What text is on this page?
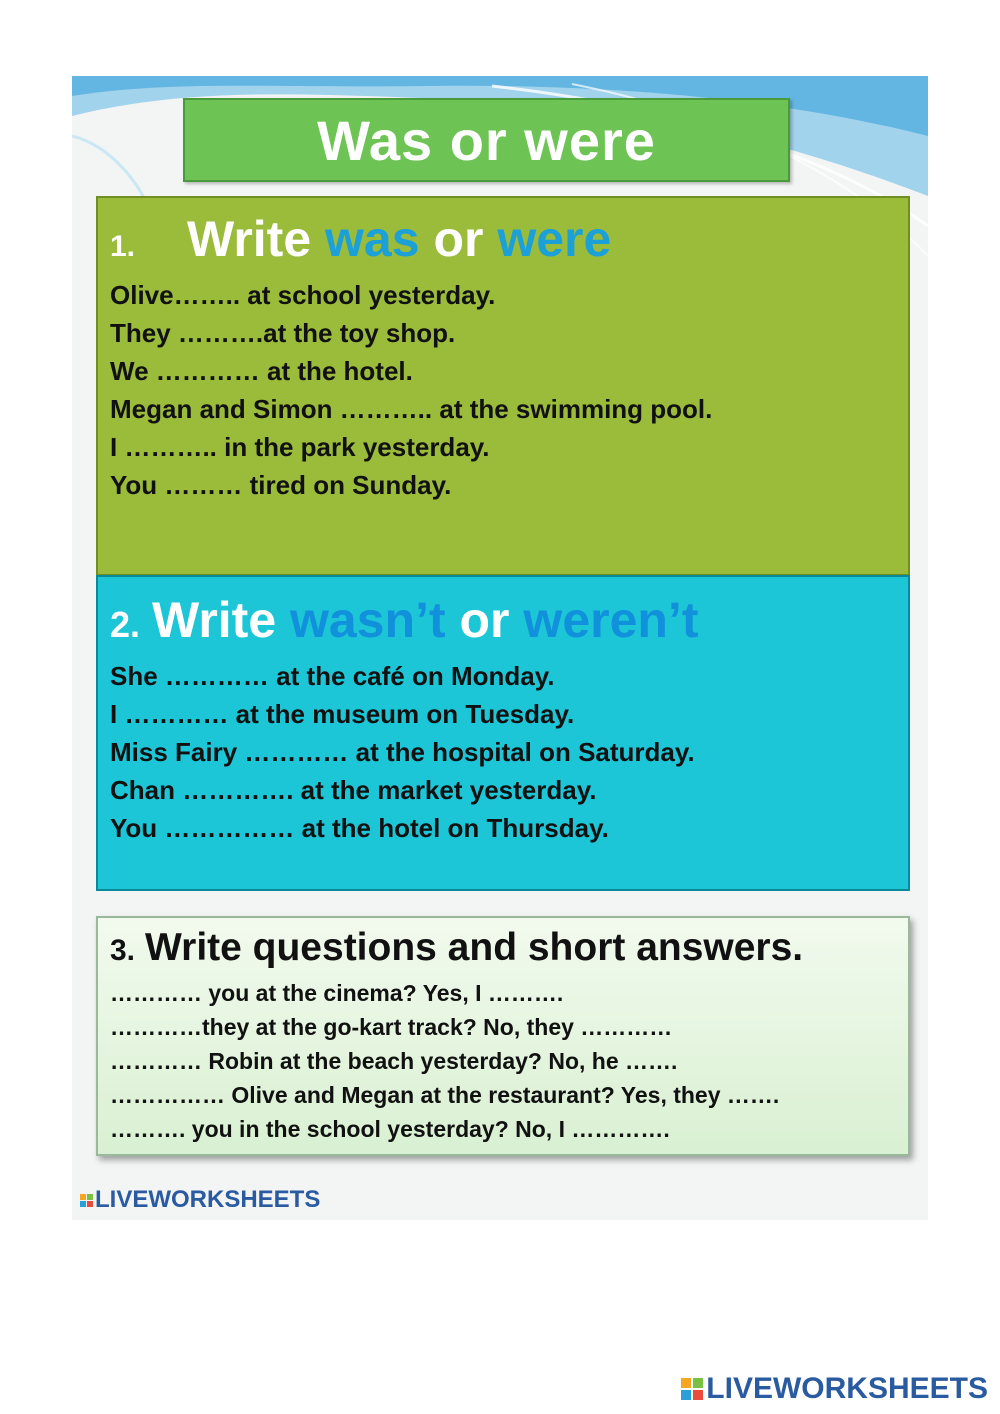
Was or were
1. Write was or were
Olive…….. at school yesterday.
They ……….at the toy shop.
We ………… at the hotel.
Megan and Simon ……….. at the swimming pool.
I ……….. in the park yesterday.
You ……… tired on Sunday.
2. Write wasn’t or weren’t
She ………… at the café on Monday.
I ………… at the museum on Tuesday.
Miss Fairy ………… at the hospital on Saturday.
Chan …………. at the market yesterday.
You …………… at the hotel on Thursday.
3. Write questions and short answers.
………… you at the cinema? Yes, I ……….
…………they at the go-kart track? No, they …………
………… Robin at the beach yesterday? No, he …….
…………… Olive and Megan at the restaurant? Yes, they …….
………. you in the school yesterday? No, I ………….
LIVEWORKSHEETS
LIVEWORKSHEETS
